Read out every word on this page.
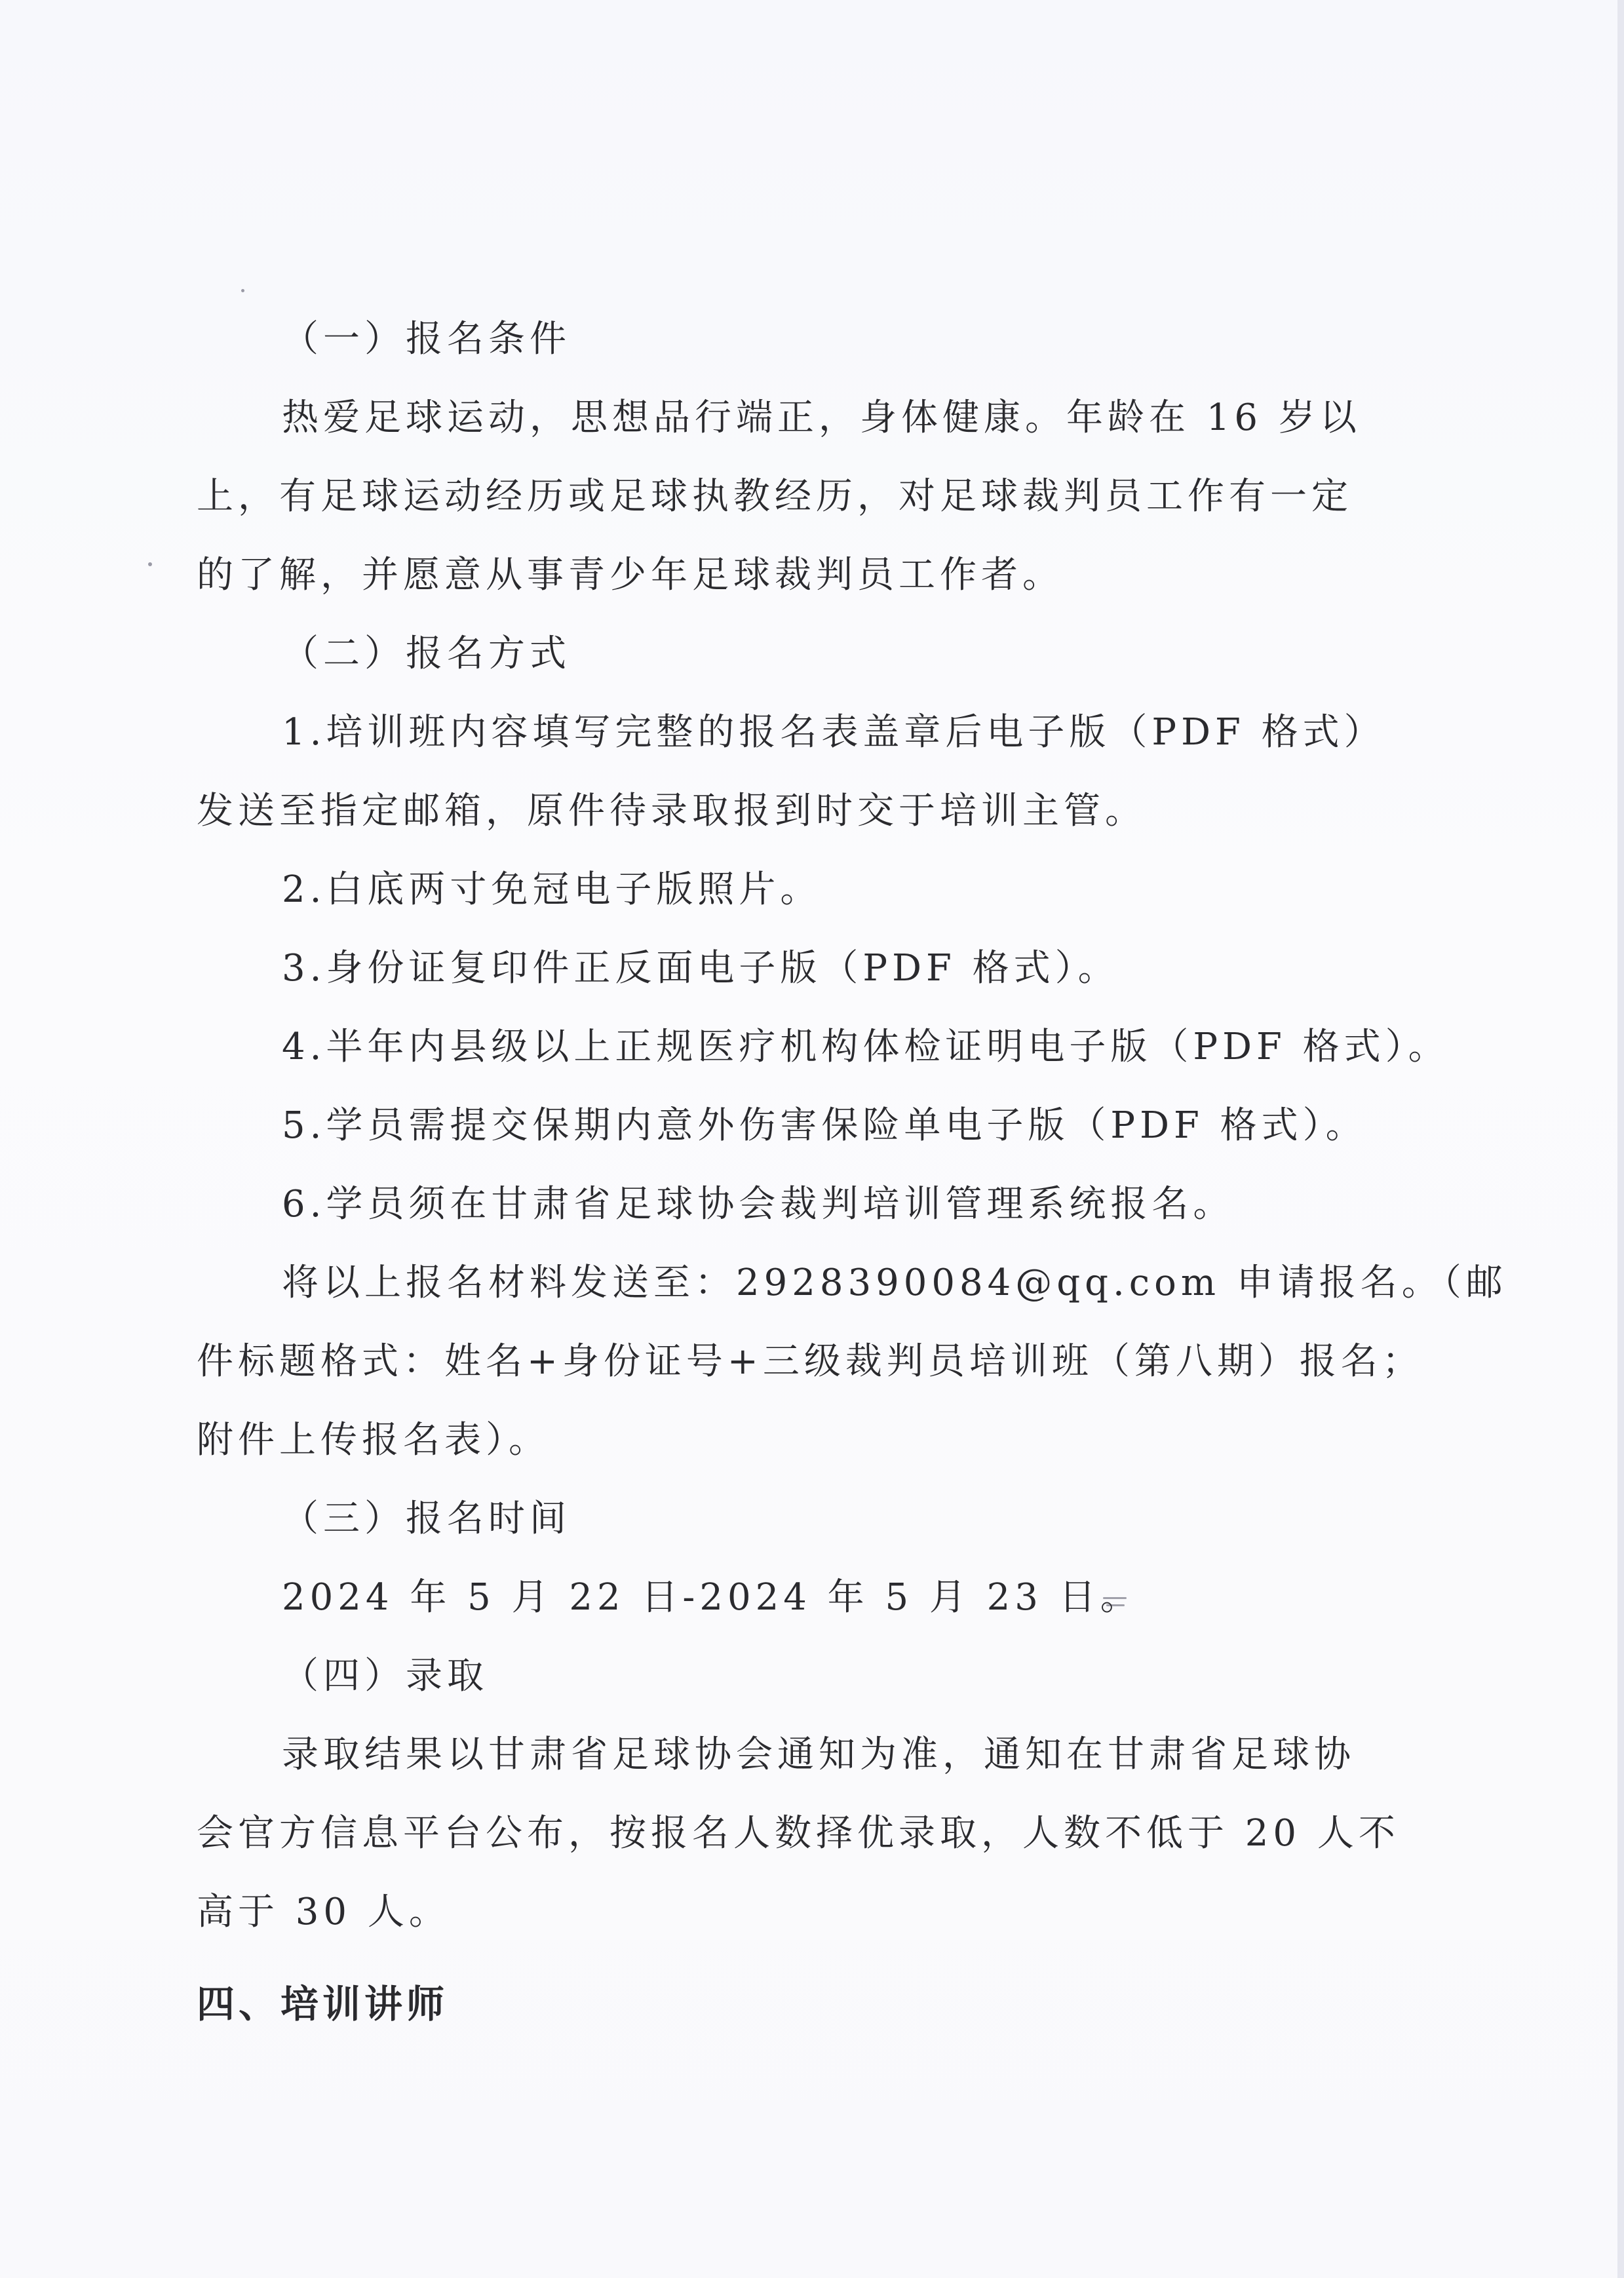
（一）报名条件
热爱足球运动，思想品行端正，身体健康。年龄在 16 岁以
上，有足球运动经历或足球执教经历，对足球裁判员工作有一定
的了解，并愿意从事青少年足球裁判员工作者。
（二）报名方式
1.培训班内容填写完整的报名表盖章后电子版（PDF 格式）
发送至指定邮箱，原件待录取报到时交于培训主管。
2.白底两寸免冠电子版照片。
3.身份证复印件正反面电子版（PDF 格式）。
4.半年内县级以上正规医疗机构体检证明电子版（PDF 格式）。
5.学员需提交保期内意外伤害保险单电子版（PDF 格式）。
6.学员须在甘肃省足球协会裁判培训管理系统报名。
将以上报名材料发送至：2928390084@qq.com 申请报名。（邮
件标题格式：姓名+身份证号+三级裁判员培训班（第八期）报名；
附件上传报名表）。
（三）报名时间
2024 年 5 月 22 日-2024 年 5 月 23 日。
（四）录取
录取结果以甘肃省足球协会通知为准，通知在甘肃省足球协
会官方信息平台公布，按报名人数择优录取，人数不低于 20 人不
高于 30 人。
四、培训讲师
